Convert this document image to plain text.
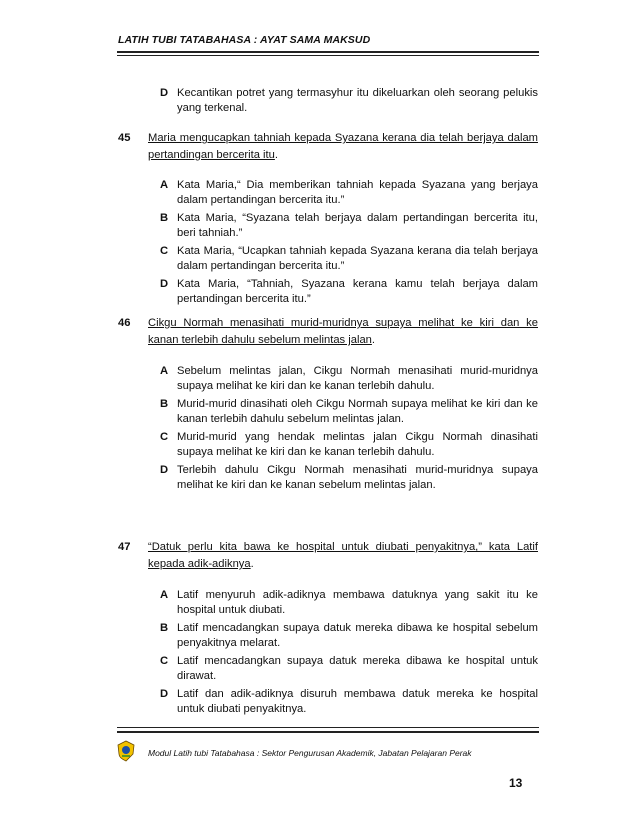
LATIH TUBI TATABAHASA : AYAT SAMA MAKSUD
D Kecantikan potret yang termasyhur itu dikeluarkan oleh seorang pelukis yang terkenal.
45 Maria mengucapkan tahniah kepada Syazana kerana dia telah berjaya dalam pertandingan bercerita itu.
A Kata Maria,“ Dia memberikan tahniah kepada Syazana yang berjaya dalam pertandingan bercerita itu.”
B Kata Maria, “Syazana telah berjaya dalam pertandingan bercerita itu, beri tahniah.”
C Kata Maria, “Ucapkan tahniah kepada Syazana kerana dia telah berjaya dalam pertandingan bercerita itu.”
D Kata Maria, “Tahniah, Syazana kerana kamu telah berjaya dalam pertandingan bercerita itu.”
46 Cikgu Normah menasihati murid-muridnya supaya melihat ke kiri dan ke kanan terlebih dahulu sebelum melintas jalan.
A Sebelum melintas jalan, Cikgu Normah menasihati murid-muridnya supaya melihat ke kiri dan ke kanan terlebih dahulu.
B Murid-murid dinasihati oleh Cikgu Normah supaya melihat ke kiri dan ke kanan terlebih dahulu sebelum melintas jalan.
C Murid-murid yang hendak melintas jalan Cikgu Normah dinasihati supaya melihat ke kiri dan ke kanan terlebih dahulu.
D Terlebih dahulu Cikgu Normah menasihati murid-muridnya supaya melihat ke kiri dan ke kanan sebelum melintas jalan.
47 “Datuk perlu kita bawa ke hospital untuk diubati penyakitnya,” kata Latif kepada adik-adiknya.
A Latif menyuruh adik-adiknya membawa datuknya yang sakit itu ke hospital untuk diubati.
B Latif mencadangkan supaya datuk mereka dibawa ke hospital sebelum penyakitnya melarat.
C Latif mencadangkan supaya datuk mereka dibawa ke hospital untuk dirawat.
D Latif dan adik-adiknya disuruh membawa datuk mereka ke hospital untuk diubati penyakitnya.
Modul Latih tubi Tatabahasa : Sektor Pengurusan Akademik, Jabatan Pelajaran Perak
13
